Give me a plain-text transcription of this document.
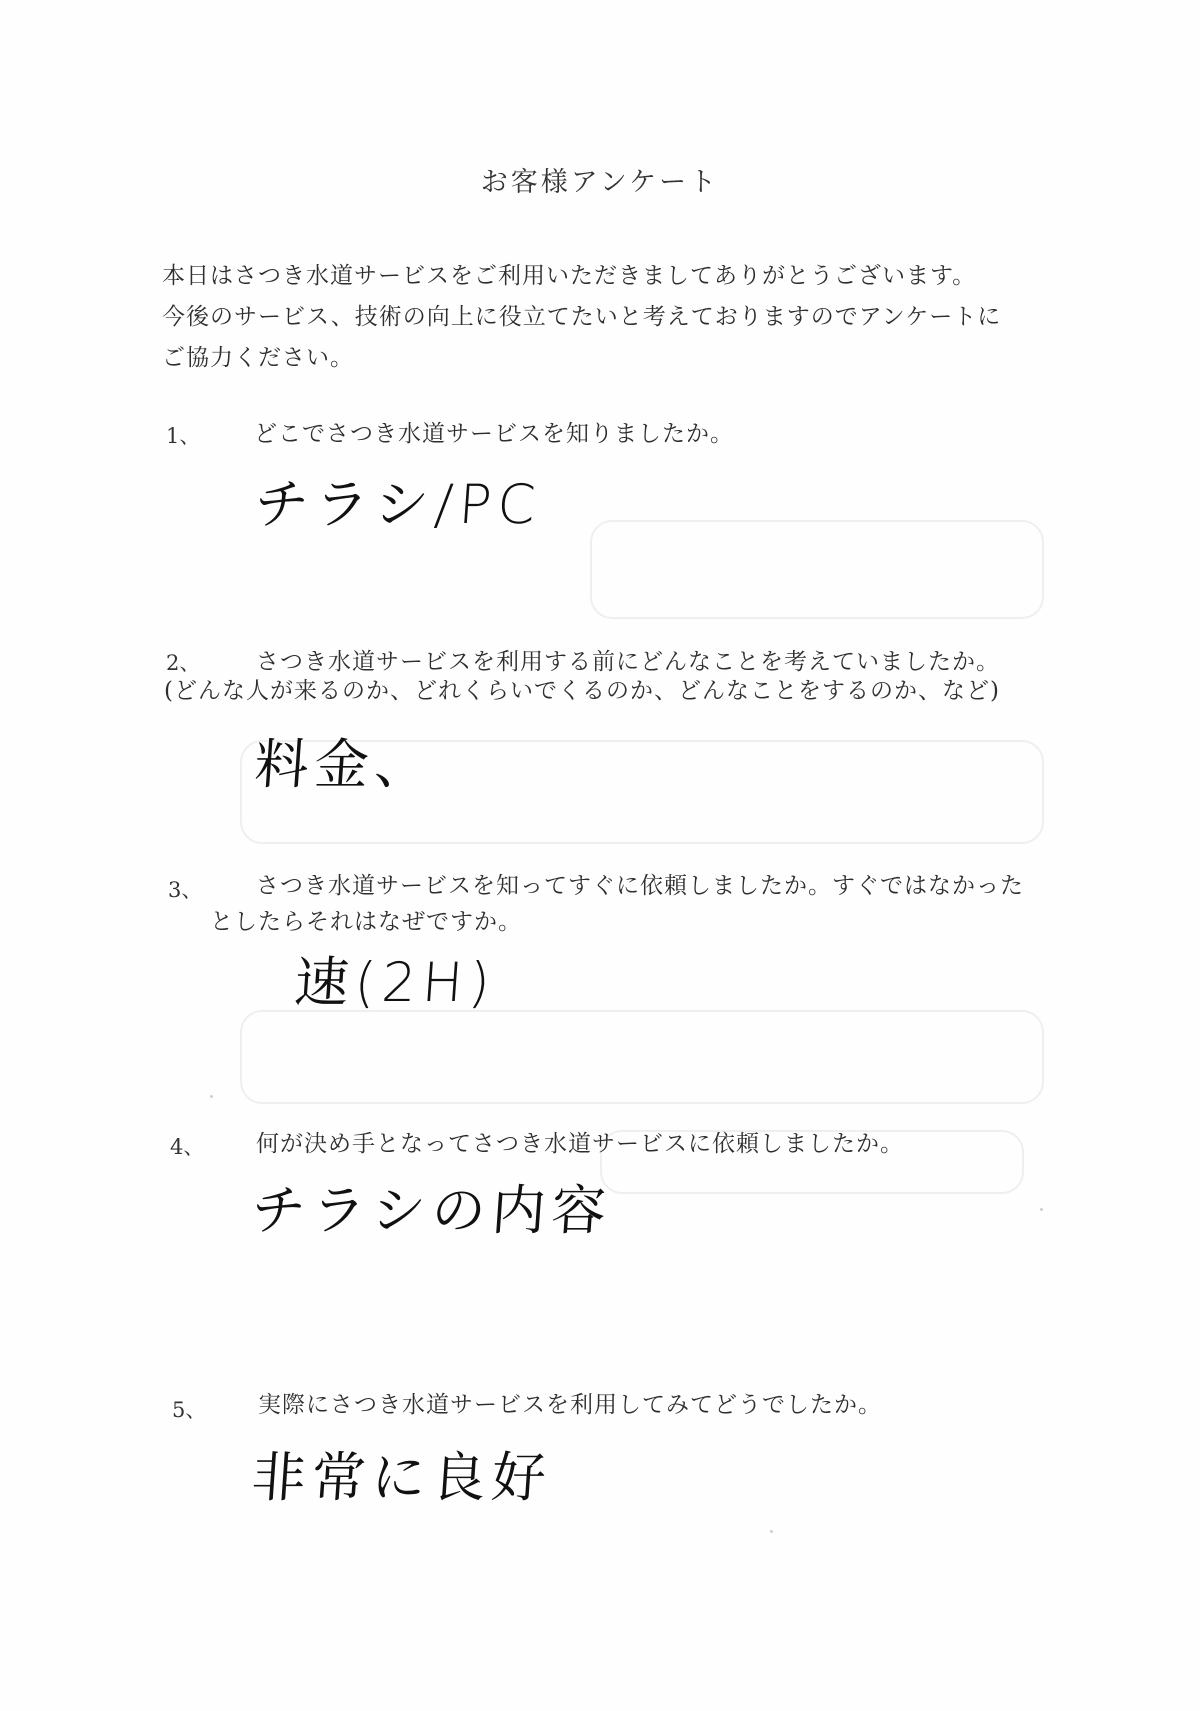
お客様アンケート
本日はさつき水道サービスをご利用いただきましてありがとうございます。
今後のサービス、技術の向上に役立てたいと考えておりますのでアンケートに
ご協力ください。
1、 どこでさつき水道サービスを知りましたか。
チラシ/PC
2、 さつき水道サービスを利用する前にどんなことを考えていましたか。
(どんな人が来るのか、どれくらいでくるのか、どんなことをするのか、など)
料金、
3、 さつき水道サービスを知ってすぐに依頼しましたか。すぐではなかった
としたらそれはなぜですか。
速(2H)
4、 何が決め手となってさつき水道サービスに依頼しましたか。
チラシの内容
5、 実際にさつき水道サービスを利用してみてどうでしたか。
非常に良好
